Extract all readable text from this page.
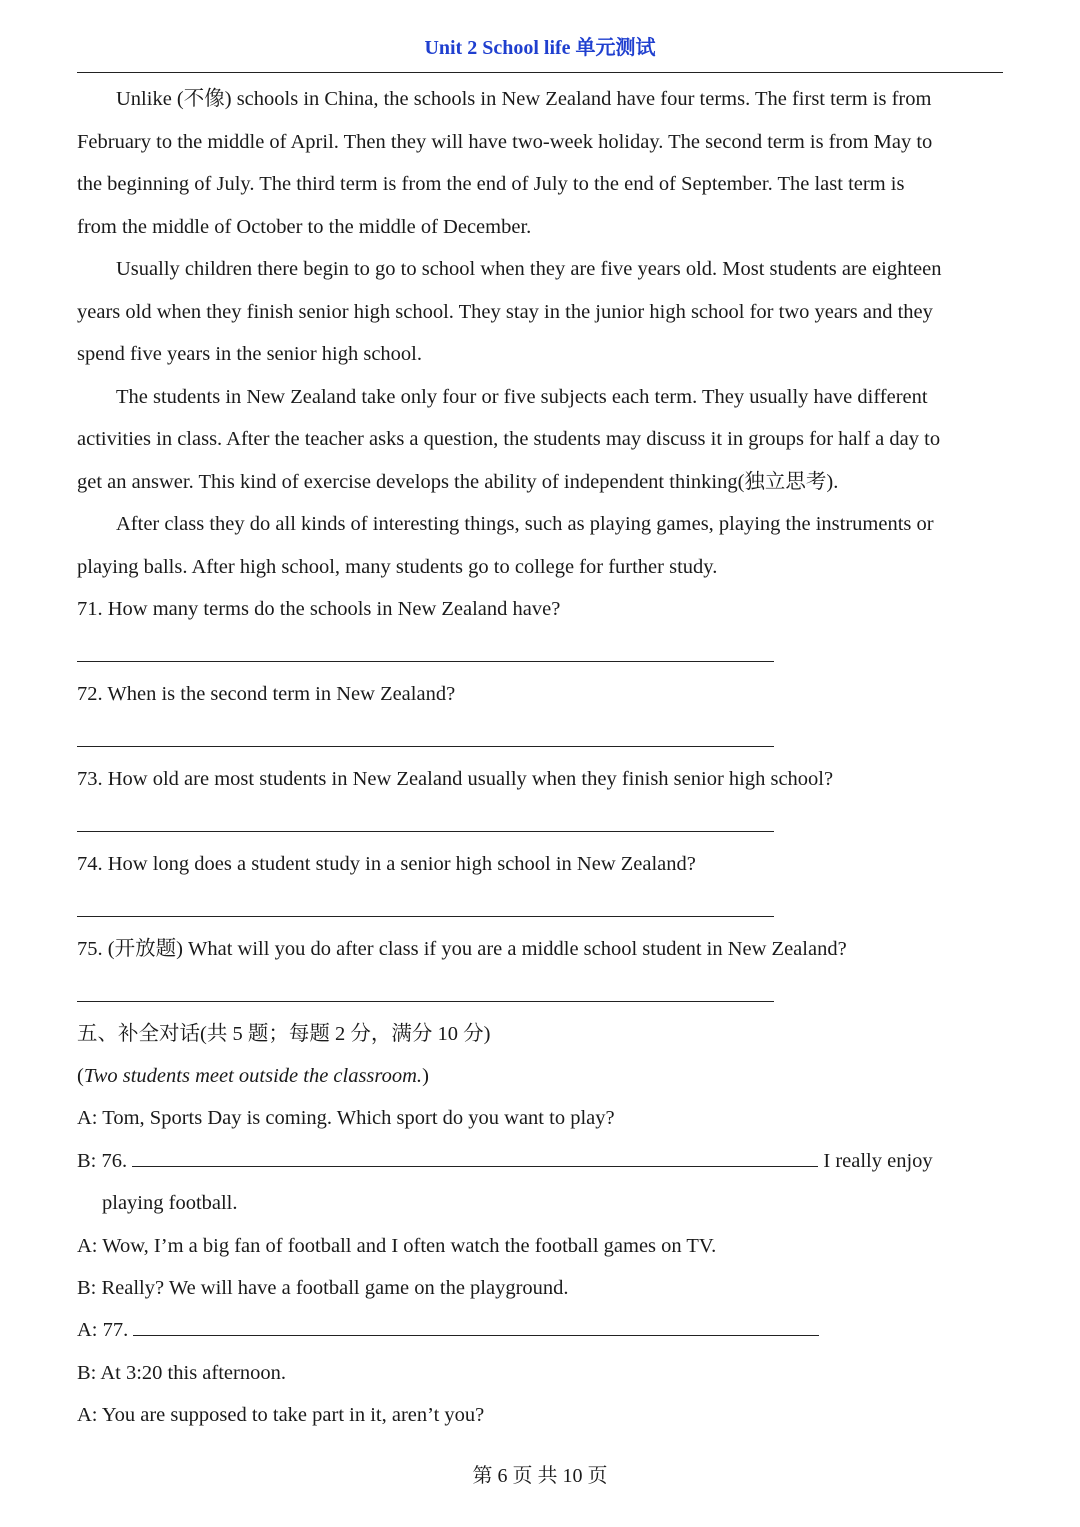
Unit 2 School life 单元测试
Unlike (不像) schools in China, the schools in New Zealand have four terms. The first term is from
February to the middle of April. Then they will have two-week holiday. The second term is from May to
the beginning of July. The third term is from the end of July to the end of September. The last term is
from the middle of October to the middle of December.
Usually children there begin to go to school when they are five years old. Most students are eighteen
years old when they finish senior high school. They stay in the junior high school for two years and they
spend five years in the senior high school.
The students in New Zealand take only four or five subjects each term. They usually have different
activities in class. After the teacher asks a question, the students may discuss it in groups for half a day to
get an answer. This kind of exercise develops the ability of independent thinking(独立思考).
After class they do all kinds of interesting things, such as playing games, playing the instruments or
playing balls. After high school, many students go to college for further study.
71. How many terms do the schools in New Zealand have?
72. When is the second term in New Zealand?
73. How old are most students in New Zealand usually when they finish senior high school?
74. How long does a student study in a senior high school in New Zealand?
75. (开放题) What will you do after class if you are a middle school student in New Zealand?
五、补全对话(共 5 题；每题 2 分，满分 10 分)
(Two students meet outside the classroom.)
A: Tom, Sports Day is coming. Which sport do you want to play?
B: 76.	I really enjoy
playing football.
A: Wow, I’m a big fan of football and I often watch the football games on TV.
B: Really? We will have a football game on the playground.
A: 77.
B: At 3:20 this afternoon.
A: You are supposed to take part in it, aren’t you?
第 6 页 共 10 页
